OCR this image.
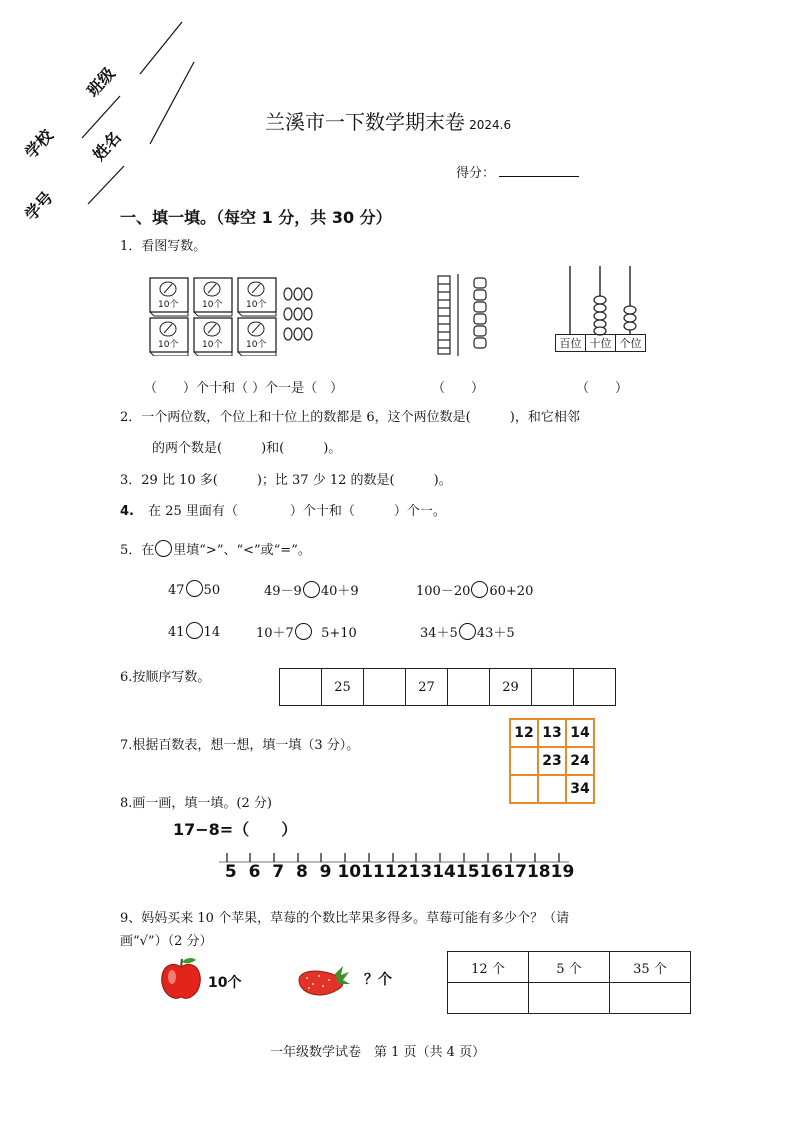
学校
班级
学号
姓名
兰溪市一下数学期末卷 2024.6
得分：
一、填一填。（每空 1 分，共 30 分）
1．看图写数。
10个	10个	10个
10个	10个	10个	百位 十位 个位
（　　）个十和（ ）个一是（　）	（　　）	（　　）
2．一个两位数，个位上和十位上的数都是 6，这个两位数是(　　　)，和它相邻
的两个数是(　　　)和(　　　)。
3．29 比 10 多(　　　)；比 37 少 12 的数是(　　　)。
4. 在 25 里面有（　　　　）个十和（　　　）个一。
5．在 里填“>”、“<”或“=”。
47 50	49－9 40＋9	100－20 60+20
41 14	10＋7  5+10	34＋5 43＋5
6.按顺序写数。
	25		27		29		
7.根据百数表，想一想，填一填（3 分）。
12	13	14
	23	24
		34
8.画一画，填一填。(2 分)
17−8=（　　）
5 6 7 8 9 10 11 12 13 14 15 16 17 18 19
9、妈妈买来 10 个苹果，草莓的个数比苹果多得多。草莓可能有多少个？（请
画“√”）（2 分）
10个	？个
12 个	5 个	35 个

一年级数学试卷　第 1 页（共 4 页）
